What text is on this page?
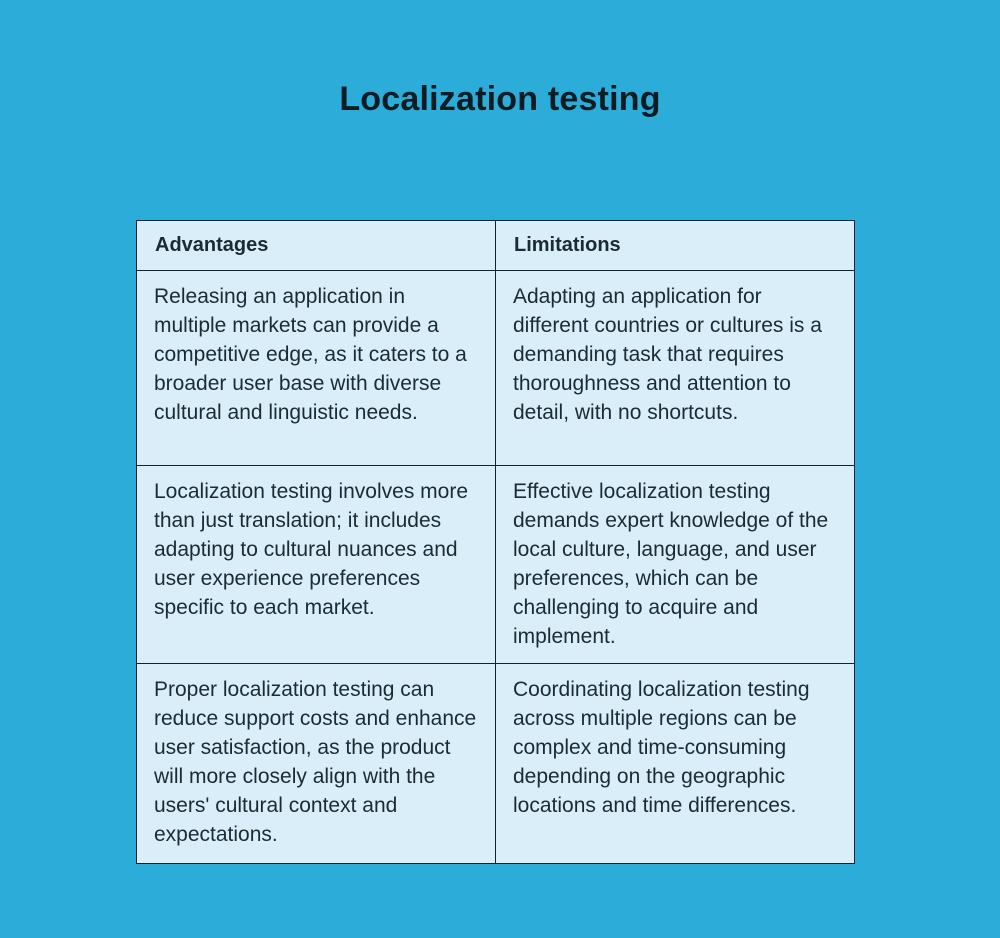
Localization testing
Advantages	Limitations
Releasing an application in multiple markets can provide a competitive edge, as it caters to a broader user base with diverse cultural and linguistic needs.	Adapting an application for different countries or cultures is a demanding task that requires thoroughness and attention to detail, with no shortcuts.
Localization testing involves more than just translation; it includes adapting to cultural nuances and user experience preferences specific to each market.	Effective localization testing demands expert knowledge of the local culture, language, and user preferences, which can be challenging to acquire and implement.
Proper localization testing can reduce support costs and enhance user satisfaction, as the product will more closely align with the users' cultural context and expectations.	Coordinating localization testing across multiple regions can be complex and time-consuming depending on the geographic locations and time differences.
